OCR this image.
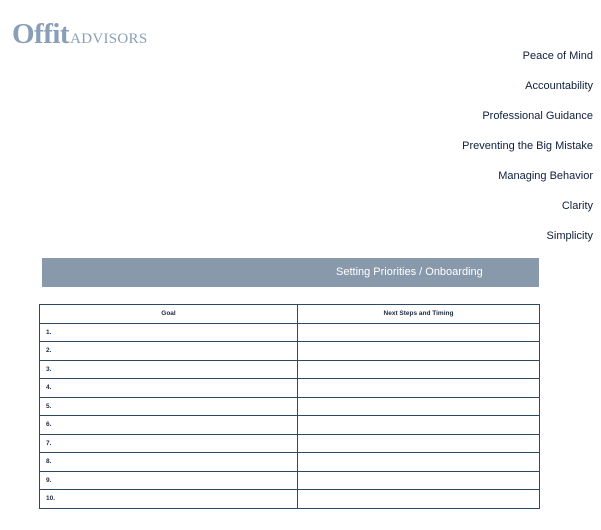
OffitADVISORS
Peace of Mind
Accountability
Professional Guidance
Preventing the Big Mistake
Managing Behavior
Clarity
Simplicity
Setting Priorities / Onboarding
Goal	Next Steps and Timing
1.	
2.	
3.	
4.	
5.	
6.	
7.	
8.	
9.	
10.	
